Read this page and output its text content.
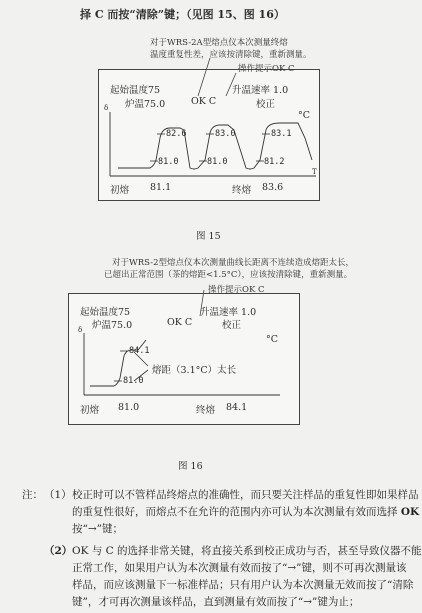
择 C 而按“清除”键；（见图 15、图 16）
对于WRS-2A型熔点仪本次测量终熔
温度重复性差，应该按清除键，重新测量。
操作提示OK C
起始温度75
炉温75.0	OK C
升温速率 1.0
校正
δ
°C
T
82.6	83.0	83.1
81.0	81.0	81.2
初熔 81.1	终熔 83.6
图 15
对于WRS-2型熔点仪本次测量曲线长距离不连续造成熔距太长，
已超出正常范围（茶的熔距<1.5°C），应该按清除键，重新测量。
操作提示OK C
起始温度75
炉温75.0	OK C
升温速率 1.0
校正
δ
°C
84.1
81.0
熔距（3.1°C）太长
初熔 81.0	终熔 84.1
图 16
注： （1） 校正时可以不管样品终熔点的准确性，而只要关注样品的重复性即如果样品
的重复性很好，而熔点不在允许的范围内亦可认为本次测量有效而选择 OK
按“→”键；
（2） OK 与 C 的选择非常关键，将直接关系到校正成功与否，甚至导致仪器不能
正常工作，如果用户认为本次测量有效而按了“→”键，则不可再次测量该
样品，而应该测量下一标准样品；只有用户认为本次测量无效而按了“清除
键”，才可再次测量该样品，直到测量有效而按了“→”键为止；
